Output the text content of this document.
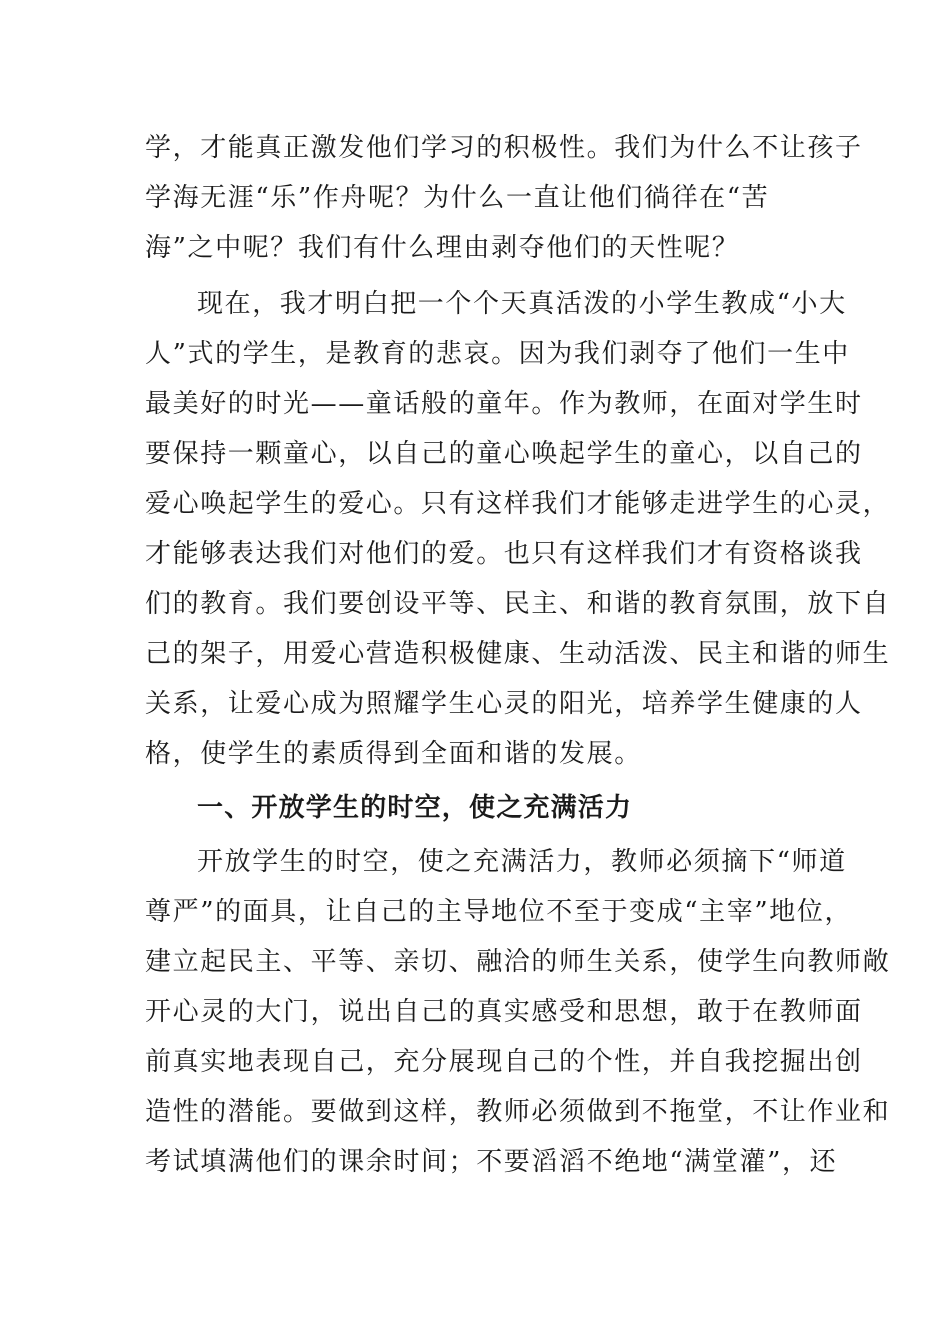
学，才能真正激发他们学习的积极性。我们为什么不让孩子
学海无涯“乐”作舟呢？为什么一直让他们徜徉在“苦
海”之中呢？我们有什么理由剥夺他们的天性呢？
现在，我才明白把一个个天真活泼的小学生教成“小大
人”式的学生，是教育的悲哀。因为我们剥夺了他们一生中
最美好的时光——童话般的童年。作为教师，在面对学生时
要保持一颗童心，以自己的童心唤起学生的童心，以自己的
爱心唤起学生的爱心。只有这样我们才能够走进学生的心灵，
才能够表达我们对他们的爱。也只有这样我们才有资格谈我
们的教育。我们要创设平等、民主、和谐的教育氛围，放下自
己的架子，用爱心营造积极健康、生动活泼、民主和谐的师生
关系，让爱心成为照耀学生心灵的阳光，培养学生健康的人
格，使学生的素质得到全面和谐的发展。
一、开放学生的时空，使之充满活力
开放学生的时空，使之充满活力，教师必须摘下“师道
尊严”的面具，让自己的主导地位不至于变成“主宰”地位，
建立起民主、平等、亲切、融洽的师生关系，使学生向教师敞
开心灵的大门，说出自己的真实感受和思想，敢于在教师面
前真实地表现自己，充分展现自己的个性，并自我挖掘出创
造性的潜能。要做到这样，教师必须做到不拖堂，不让作业和
考试填满他们的课余时间；不要滔滔不绝地“满堂灌”，还
